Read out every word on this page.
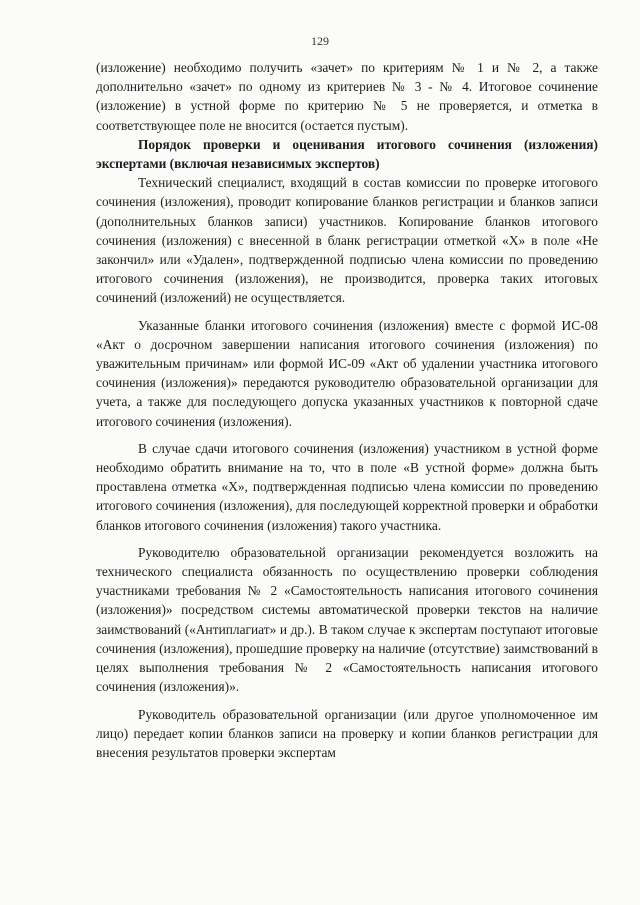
129

(изложение) необходимо получить «зачет» по критериям № 1 и № 2, а также дополнительно «зачет» по одному из критериев № 3 - № 4. Итоговое сочинение (изложение) в устной форме по критерию № 5 не проверяется, и отметка в соответствующее поле не вносится (остается пустым).

Порядок проверки и оценивания итогового сочинения (изложения) экспертами (включая независимых экспертов)

Технический специалист, входящий в состав комиссии по проверке итогового сочинения (изложения), проводит копирование бланков регистрации и бланков записи (дополнительных бланков записи) участников. Копирование бланков итогового сочинения (изложения) с внесенной в бланк регистрации отметкой «X» в поле «Не закончил» или «Удален», подтвержденной подписью члена комиссии по проведению итогового сочинения (изложения), не производится, проверка таких итоговых сочинений (изложений) не осуществляется.

Указанные бланки итогового сочинения (изложения) вместе с формой ИС-08 «Акт о досрочном завершении написания итогового сочинения (изложения) по уважительным причинам» или формой ИС-09 «Акт об удалении участника итогового сочинения (изложения)» передаются руководителю образовательной организации для учета, а также для последующего допуска указанных участников к повторной сдаче итогового сочинения (изложения).

В случае сдачи итогового сочинения (изложения) участником в устной форме необходимо обратить внимание на то, что в поле «В устной форме» должна быть проставлена отметка «X», подтвержденная подписью члена комиссии по проведению итогового сочинения (изложения), для последующей корректной проверки и обработки бланков итогового сочинения (изложения) такого участника.

Руководителю образовательной организации рекомендуется возложить на технического специалиста обязанность по осуществлению проверки соблюдения участниками требования № 2 «Самостоятельность написания итогового сочинения (изложения)» посредством системы автоматической проверки текстов на наличие заимствований («Антиплагиат» и др.). В таком случае к экспертам поступают итоговые сочинения (изложения), прошедшие проверку на наличие (отсутствие) заимствований в целях выполнения требования № 2 «Самостоятельность написания итогового сочинения (изложения)».

Руководитель образовательной организации (или другое уполномоченное им лицо) передает копии бланков записи на проверку и копии бланков регистрации для внесения результатов проверки экспертам
